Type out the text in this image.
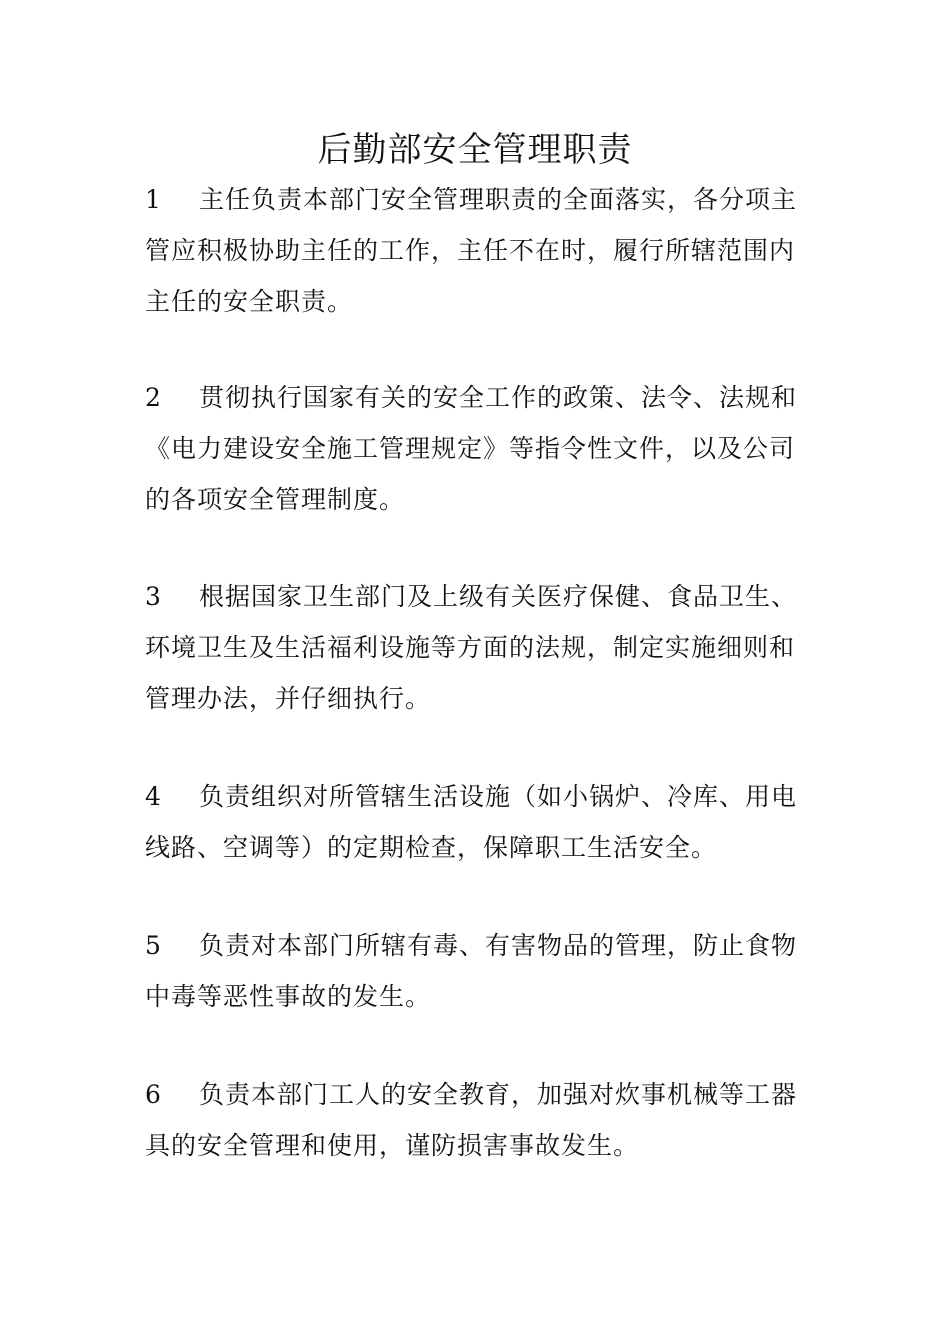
后勤部安全管理职责

1 主任负责本部门安全管理职责的全面落实，各分项主管应积极协助主任的工作，主任不在时，履行所辖范围内主任的安全职责。

2 贯彻执行国家有关的安全工作的政策、法令、法规和《电力建设安全施工管理规定》等指令性文件，以及公司的各项安全管理制度。

3 根据国家卫生部门及上级有关医疗保健、食品卫生、环境卫生及生活福利设施等方面的法规，制定实施细则和管理办法，并仔细执行。

4 负责组织对所管辖生活设施（如小锅炉、冷库、用电线路、空调等）的定期检查，保障职工生活安全。

5 负责对本部门所辖有毒、有害物品的管理，防止食物中毒等恶性事故的发生。

6 负责本部门工人的安全教育，加强对炊事机械等工器具的安全管理和使用，谨防损害事故发生。
